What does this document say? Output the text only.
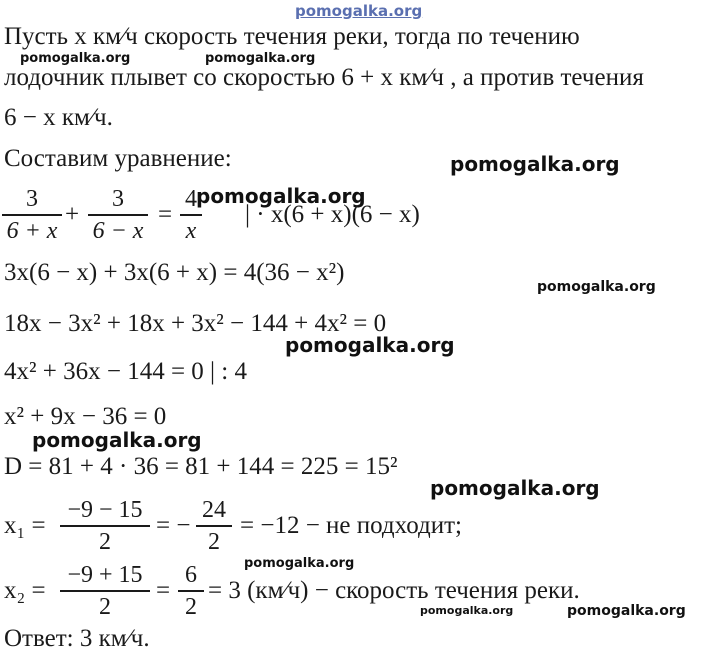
pomogalka.org
Пусть x км⁄ч скорость течения реки, тогда по течению
pomogalka.org	pomogalka.org
лодочник плывет со скоростью 6 + x км⁄ч , а против течения
6 − x км⁄ч.
Составим уравнение:	pomogalka.org
3
6 + x
+
3
6 − x
=
4
x
pomogalka.org
| · x(6 + x)(6 − x)
3x(6 − x) + 3x(6 + x) = 4(36 − x²)
pomogalka.org
18x − 3x² + 18x + 3x² − 144 + 4x² = 0
pomogalka.org
4x² + 36x − 144 = 0 | : 4
x² + 9x − 36 = 0
pomogalka.org
D = 81 + 4 · 36 = 81 + 144 = 225 = 15²
pomogalka.org
x₁ =
−9 − 15
2
= −
24
2
= −12 − не подходит;
pomogalka.org
x₂ =
−9 + 15
2
=
6
2
= 3 (км⁄ч) − скорость течения реки.
pomogalka.org	pomogalka.org
Ответ: 3 км⁄ч.
